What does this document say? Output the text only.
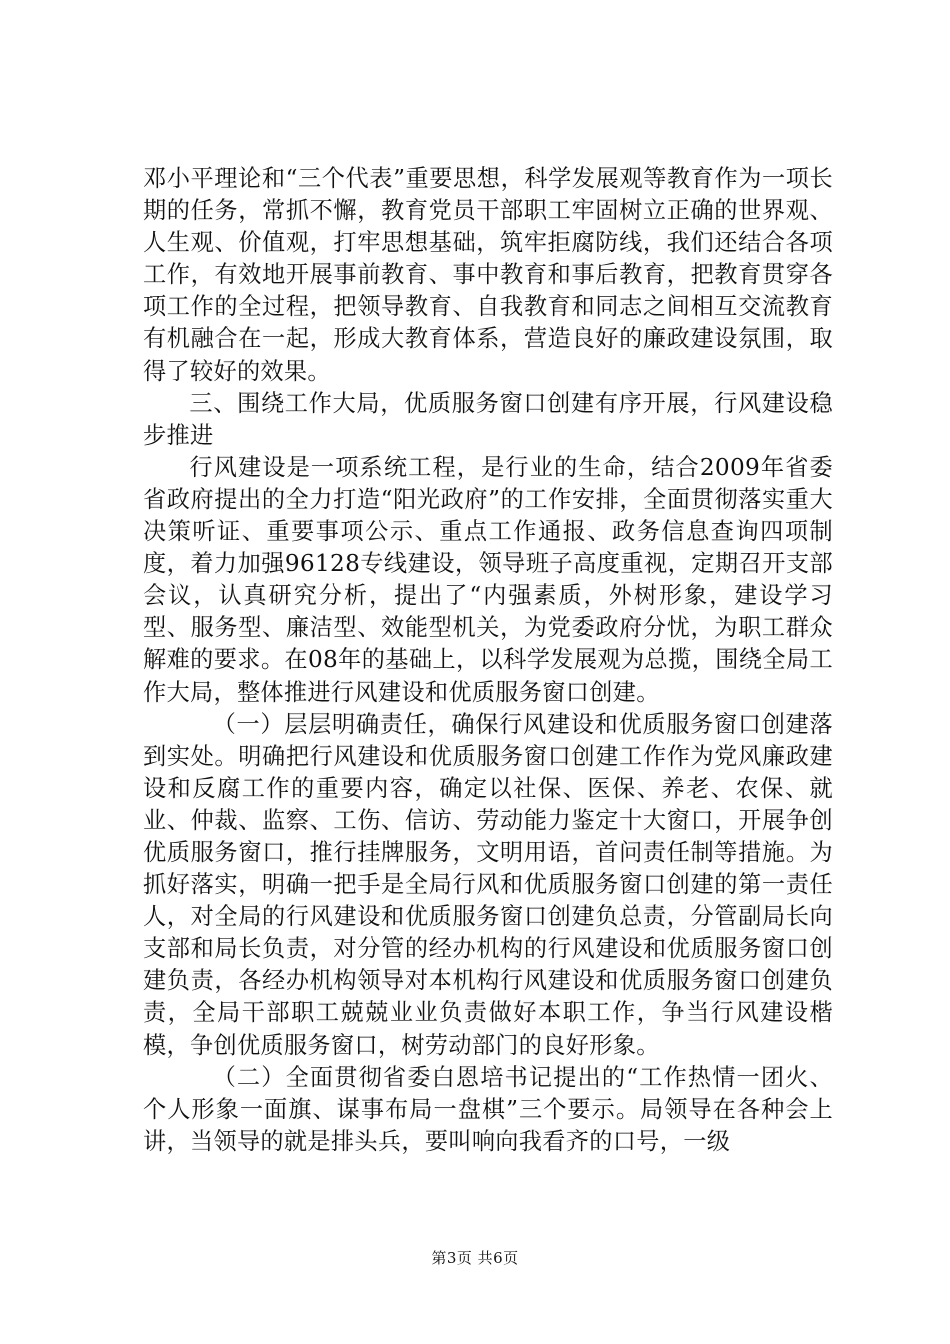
邓小平理论和“三个代表”重要思想，科学发展观等教育作为一项长期的任务，常抓不懈，教育党员干部职工牢固树立正确的世界观、人生观、价值观，打牢思想基础，筑牢拒腐防线，我们还结合各项工作，有效地开展事前教育、事中教育和事后教育，把教育贯穿各项工作的全过程，把领导教育、自我教育和同志之间相互交流教育有机融合在一起，形成大教育体系，营造良好的廉政建设氛围，取得了较好的效果。

三、围绕工作大局，优质服务窗口创建有序开展，行风建设稳步推进

行风建设是一项系统工程，是行业的生命，结合2009年省委省政府提出的全力打造“阳光政府”的工作安排，全面贯彻落实重大决策听证、重要事项公示、重点工作通报、政务信息查询四项制度，着力加强96128专线建设，领导班子高度重视，定期召开支部会议，认真研究分析，提出了“内强素质，外树形象，建设学习型、服务型、廉洁型、效能型机关，为党委政府分忧，为职工群众解难的要求。在08年的基础上，以科学发展观为总揽，围绕全局工作大局，整体推进行风建设和优质服务窗口创建。

（一）层层明确责任，确保行风建设和优质服务窗口创建落到实处。明确把行风建设和优质服务窗口创建工作作为党风廉政建设和反腐工作的重要内容，确定以社保、医保、养老、农保、就业、仲裁、监察、工伤、信访、劳动能力鉴定十大窗口，开展争创优质服务窗口，推行挂牌服务，文明用语，首问责任制等措施。为抓好落实，明确一把手是全局行风和优质服务窗口创建的第一责任人，对全局的行风建设和优质服务窗口创建负总责，分管副局长向支部和局长负责，对分管的经办机构的行风建设和优质服务窗口创建负责，各经办机构领导对本机构行风建设和优质服务窗口创建负责，全局干部职工兢兢业业负责做好本职工作，争当行风建设楷模，争创优质服务窗口，树劳动部门的良好形象。

（二）全面贯彻省委白恩培书记提出的“工作热情一团火、个人形象一面旗、谋事布局一盘棋”三个要示。局领导在各种会上讲，当领导的就是排头兵，要叫响向我看齐的口号，一级

第3页 共6页
